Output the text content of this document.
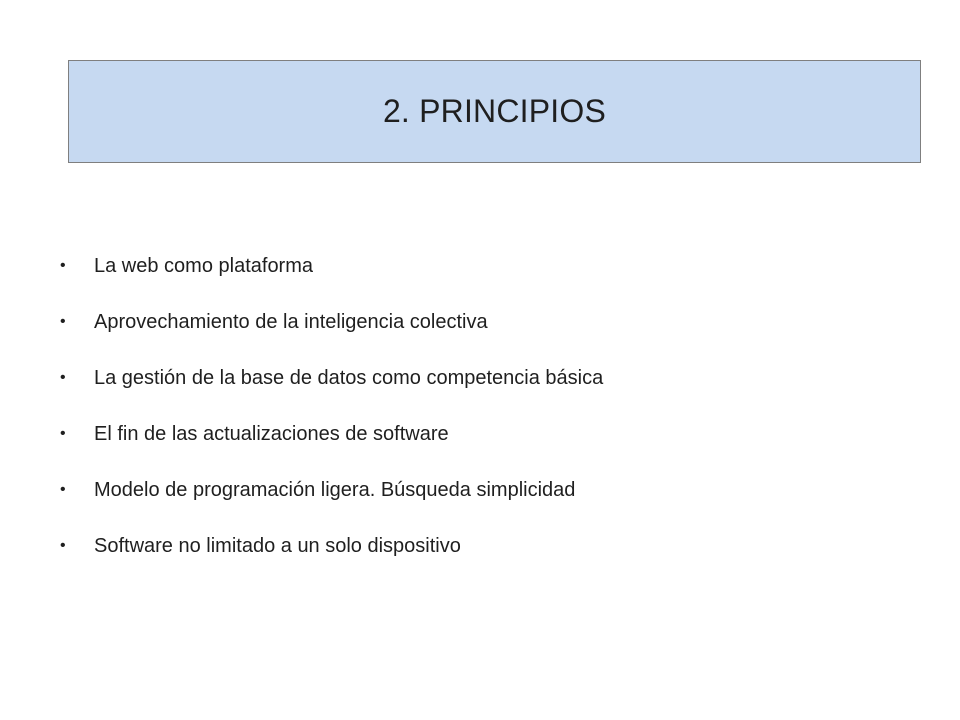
2. PRINCIPIOS
•	La web como plataforma
•	Aprovechamiento de la inteligencia colectiva
•	La gestión de la base de datos como competencia básica
•	El fin de las actualizaciones de software
•	Modelo de programación ligera. Búsqueda simplicidad
•	Software no limitado a un solo dispositivo
